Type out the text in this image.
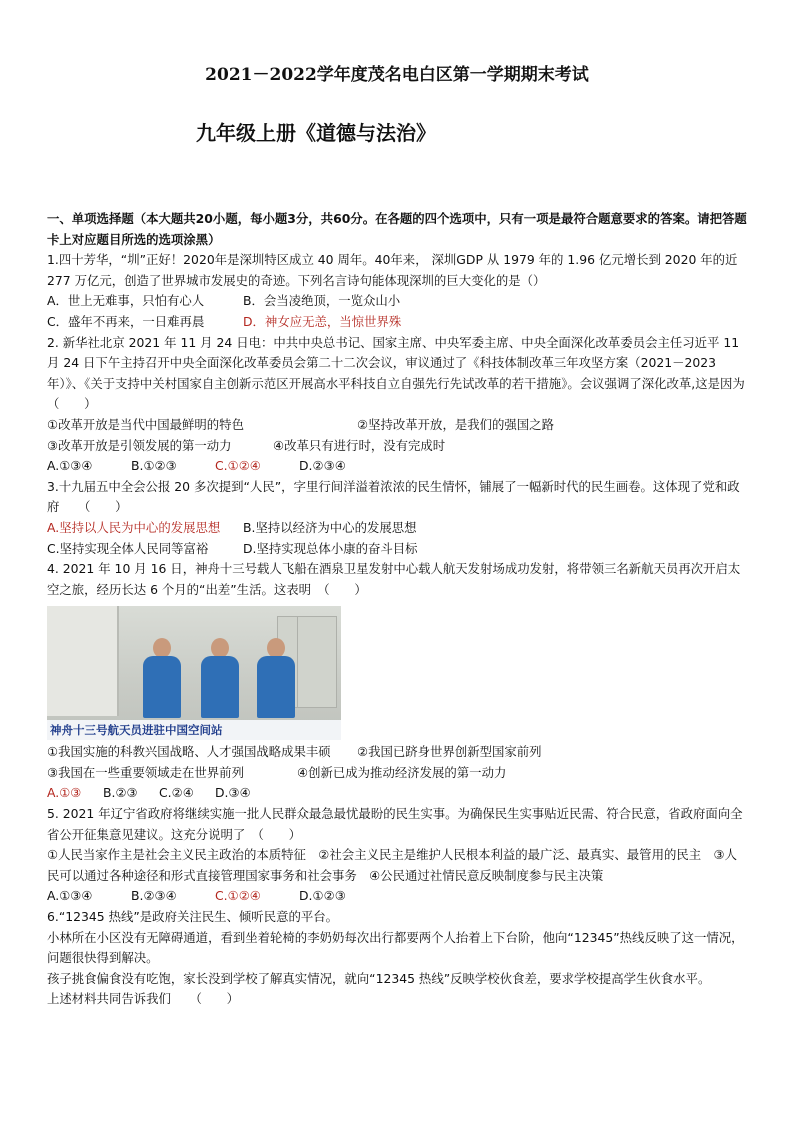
2021－2022学年度茂名电白区第一学期期末考试
九年级上册《道德与法治》

一、单项选择题（本大题共20小题，每小题3分，共60分。在各题的四个选项中，只有一项是最符合题意要求的答案。请把答题卡上对应题目所选的选项涂黑）

1.四十芳华，“圳”正好！2020年是深圳特区成立 40 周年。40年来， 深圳GDP 从 1979 年的 1.96 亿元增长到 2020 年的近 277 万亿元，创造了世界城市发展史的奇迹。下列名言诗句能体现深圳的巨大变化的是（）

A．世上无难事，只怕有心人	B．会当凌绝顶，一览众山小
C．盛年不再来，一日难再晨	D．神女应无恙，当惊世界殊

2. 新华社北京 2021 年 11 月 24 日电：中共中央总书记、国家主席、中央军委主席、中央全面深化改革委员会主任习近平 11 月 24 日下午主持召开中央全面深化改革委员会第二十二次会议，审议通过了《科技体制改革三年攻坚方案（2021－2023 年）》、《关于支持中关村国家自主创新示范区开展高水平科技自立自强先行先试改革的若干措施》。会议强调了深化改革,这是因为　（　　）

①改革开放是当代中国最鲜明的特色	②坚持改革开放，是我们的强国之路
③改革开放是引领发展的第一动力	④改革只有进行时，没有完成时
A.①③④	B.①②③	C.①②④	D.②③④

3.十九届五中全会公报 20 多次提到“人民”，字里行间洋溢着浓浓的民生情怀，铺展了一幅新时代的民生画卷。这体现了党和政府　　（　　）

A.坚持以人民为中心的发展思想	B.坚持以经济为中心的发展思想
C.坚持实现全体人民同等富裕	D.坚持实现总体小康的奋斗目标

4. 2021 年 10 月 16 日，神舟十三号载人飞船在酒泉卫星发射中心载人航天发射场成功发射，将带领三名新航天员再次开启太空之旅，经历长达 6 个月的“出差”生活。这表明　（　　）

神舟十三号航天员进驻中国空间站
①我国实施的科教兴国战略、人才强国战略成果丰硕	②我国已跻身世界创新型国家前列
③我国在一些重要领域走在世界前列	④创新已成为推动经济发展的第一动力
A.①③	B.②③	C.②④	D.③④

5. 2021 年辽宁省政府将继续实施一批人民群众最急最忧最盼的民生实事。为确保民生实事贴近民需、符合民意，省政府面向全省公开征集意见建议。这充分说明了　（　　）

①人民当家作主是社会主义民主政治的本质特征　②社会主义民主是维护人民根本利益的最广泛、最真实、最管用的民主　③人民可以通过各种途径和形式直接管理国家事务和社会事务　④公民通过社情民意反映制度参与民主决策

A.①③④	B.②③④	C.①②④	D.①②③

6.“12345 热线”是政府关注民生、倾听民意的平台。

小林所在小区没有无障碍通道，看到坐着轮椅的李奶奶每次出行都要两个人抬着上下台阶，他向“12345”热线反映了这一情况，问题很快得到解决。

孩子挑食偏食没有吃饱，家长没到学校了解真实情况，就向“12345 热线”反映学校伙食差，要求学校提高学生伙食水平。

上述材料共同告诉我们　　（　　）
